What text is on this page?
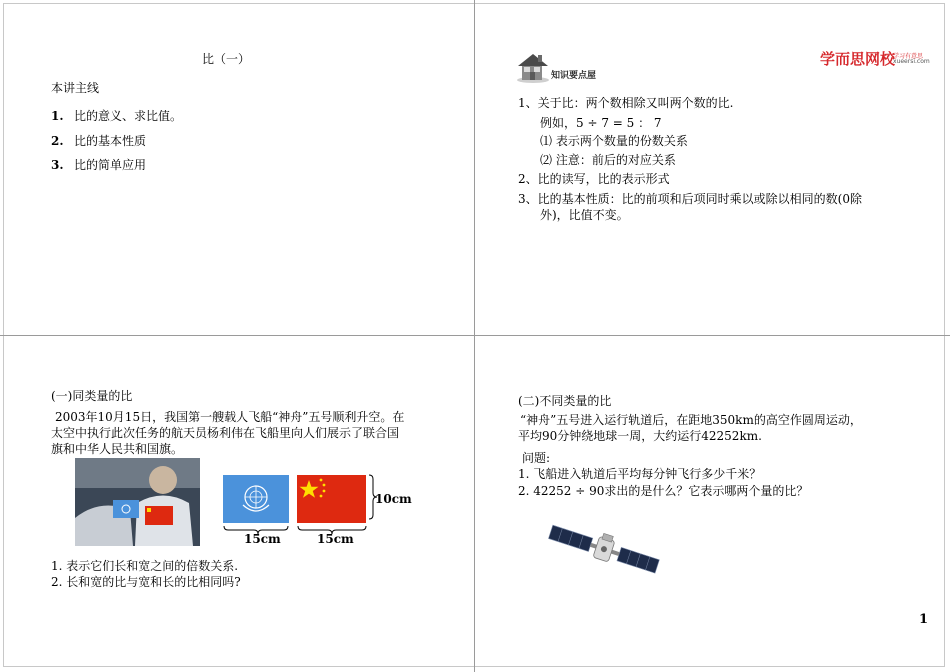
比（一）
本讲主线
1. 比的意义、求比值。
2. 比的基本性质
3. 比的简单应用
知识要点屋
学而思网校
学习有意思
xueersi.com
1、关于比：两个数相除又叫两个数的比.
例如，5 ÷ 7 = 5 ： 7
⑴ 表示两个数量的份数关系
⑵ 注意：前后的对应关系
2、比的读写，比的表示形式
3、比的基本性质：比的前项和后项同时乘以或除以相同的数(0除
外)，比值不变。
(一)同类量的比
2003年10月15日，我国第一艘载人飞船“神舟”五号顺利升空。在
太空中执行此次任务的航天员杨利伟在飞船里向人们展示了联合国
旗和中华人民共和国旗。
10cm
15cm	15cm
1. 表示它们长和宽之间的倍数关系.
2. 长和宽的比与宽和长的比相同吗?
(二)不同类量的比
“神舟”五号进入运行轨道后，在距地350km的高空作圆周运动，
平均90分钟绕地球一周，大约运行42252km.
问题:
1. 飞船进入轨道后平均每分钟飞行多少千米？
2. 42252 ÷ 90求出的是什么？它表示哪两个量的比？
1
